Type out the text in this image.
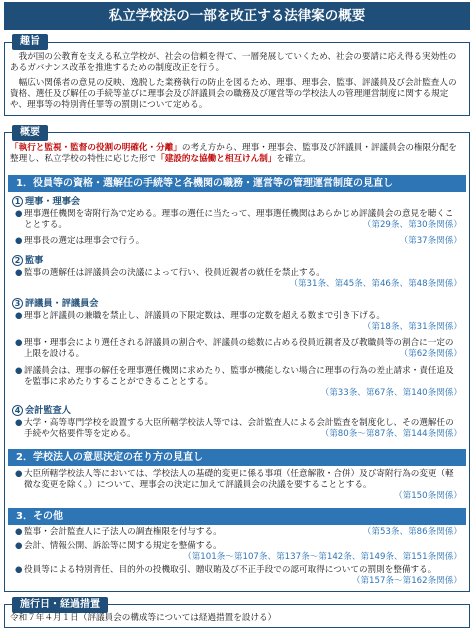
私立学校法の一部を改正する法律案の概要
趣旨
我が国の公教育を支える私立学校が、社会の信頼を得て、一層発展していくため、社会の要請に応え得る実効性のあるガバナンス改革を推進するための制度改正を行う。
幅広い関係者の意見の反映、逸脱した業務執行の防止を図るため、理事、理事会、監事、評議員及び会計監査人の資格、選任及び解任の手続等並びに理事会及び評議員会の職務及び運営等の学校法人の管理運営制度に関する規定や、理事等の特別背任罪等の罰則について定める。
概要
「執行と監視・監督の役割の明確化・分離」の考え方から、理事・理事会、監事及び評議員・評議員会の権限分配を整理し、私立学校の特性に応じた形で「建設的な協働と相互けん制」を確立。
1．役員等の資格・選解任の手続等と各機関の職務・運営等の管理運営制度の見直し
1 理事・理事会
● 理事選任機関を寄附行為で定める。理事の選任に当たって、理事選任機関はあらかじめ評議員会の意見を聴くこととする。	（第29条、第30条関係）
● 理事長の選定は理事会で行う。	（第37条関係）
2 監事
● 監事の選解任は評議員会の決議によって行い、役員近親者の就任を禁止する。
（第31条、第45条、第46条、第48条関係）
3 評議員・評議員会
● 理事と評議員の兼職を禁止し、評議員の下限定数は、理事の定数を超える数まで引き下げる。
（第18条、第31条関係）
● 理事・理事会により選任される評議員の割合や、評議員の総数に占める役員近親者及び教職員等の割合に一定の上限を設ける。	（第62条関係）
● 評議員会は、理事の解任を理事選任機関に求めたり、監事が機能しない場合に理事の行為の差止請求・責任追及を監事に求めたりすることができることとする。
（第33条、第67条、第140条関係）
4 会計監査人
● 大学・高等専門学校を設置する大臣所轄学校法人等では、会計監査人による会計監査を制度化し、その選解任の手続や欠格要件等を定める。	（第80条〜第87条、第144条関係）
2．学校法人の意思決定の在り方の見直し
● 大臣所轄学校法人等においては、学校法人の基礎的変更に係る事項（任意解散・合併）及び寄附行為の変更（軽微な変更を除く。）について、理事会の決定に加えて評議員会の決議を要することとする。
（第150条関係）
3．その他
● 監事・会計監査人に子法人の調査権限を付与する。	（第53条、第86条関係）
● 会計、情報公開、訴訟等に関する規定を整備する。
（第101条〜第107条、第137条〜第142条、第149条、第151条関係）
● 役員等による特別背任、目的外の投機取引、贈収賄及び不正手段での認可取得についての罰則を整備する。
（第157条〜第162条関係）
施行日・経過措置
令和７年４月１日（評議員会の構成等については経過措置を設ける）
